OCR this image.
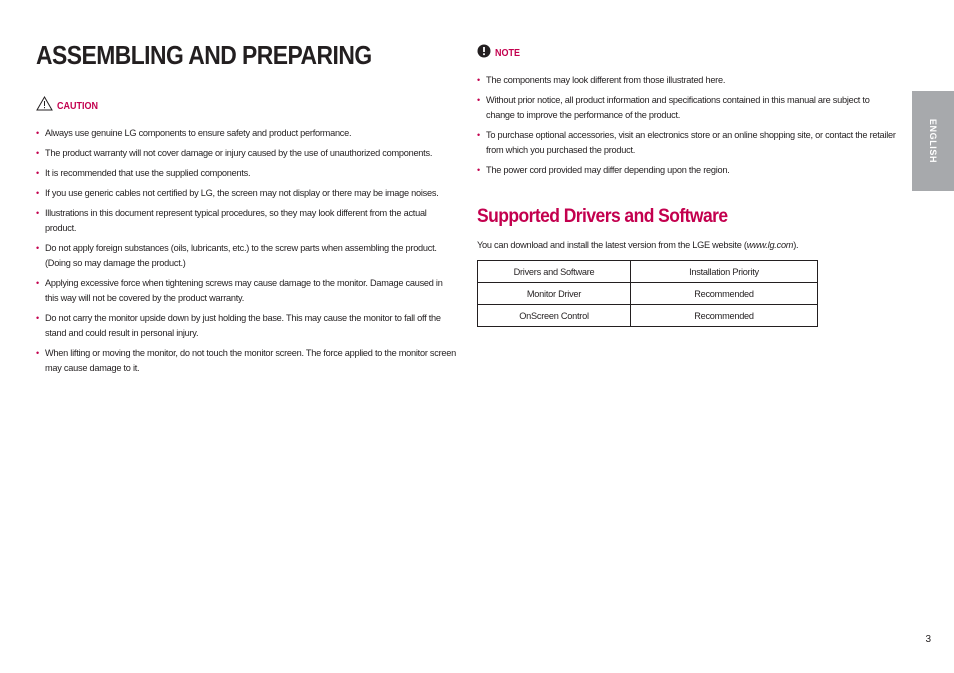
ASSEMBLING AND PREPARING
CAUTION
• Always use genuine LG components to ensure safety and product performance.
• The product warranty will not cover damage or injury caused by the use of unauthorized components.
• It is recommended that use the supplied components.
• If you use generic cables not certified by LG, the screen may not display or there may be image noises.
• Illustrations in this document represent typical procedures, so they may look different from the actual product.
• Do not apply foreign substances (oils, lubricants, etc.) to the screw parts when assembling the product. (Doing so may damage the product.)
• Applying excessive force when tightening screws may cause damage to the monitor. Damage caused in this way will not be covered by the product warranty.
• Do not carry the monitor upside down by just holding the base. This may cause the monitor to fall off the stand and could result in personal injury.
• When lifting or moving the monitor, do not touch the monitor screen. The force applied to the monitor screen may cause damage to it.
NOTE
• The components may look different from those illustrated here.
• Without prior notice, all product information and specifications contained in this manual are subject to change to improve the performance of the product.
• To purchase optional accessories, visit an electronics store or an online shopping site, or contact the retailer from which you purchased the product.
• The power cord provided may differ depending upon the region.
Supported Drivers and Software

You can download and install the latest version from the LGE website (www.lg.com).

Drivers and Software	Installation Priority
Monitor Driver	Recommended
OnScreen Control	Recommended
ENGLISH
3
